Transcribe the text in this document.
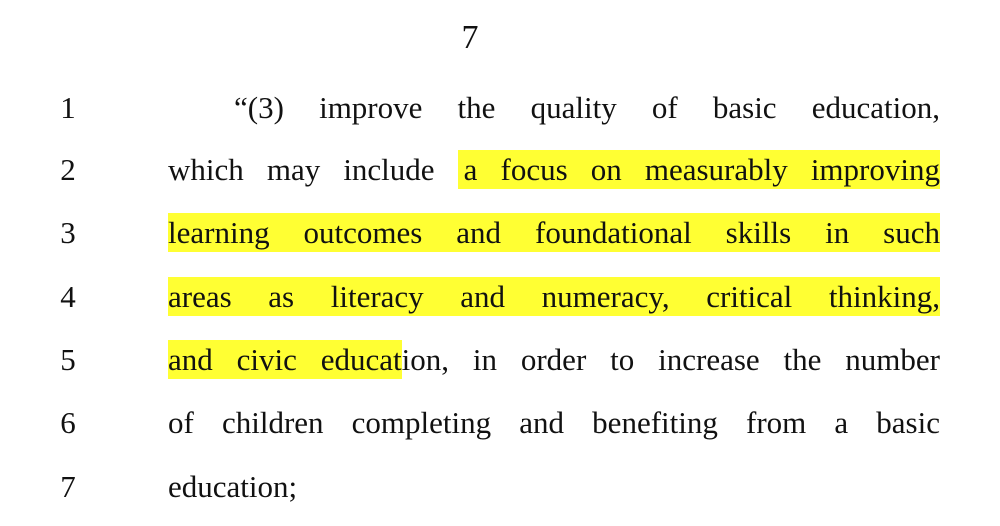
7
1	“(3) improve the quality of basic education,
2	which may include a focus on measurably improving
3	learning outcomes and foundational skills in such
4	areas as literacy and numeracy, critical thinking,
5	and civic education, in order to increase the number
6	of children completing and benefiting from a basic
7	education;
